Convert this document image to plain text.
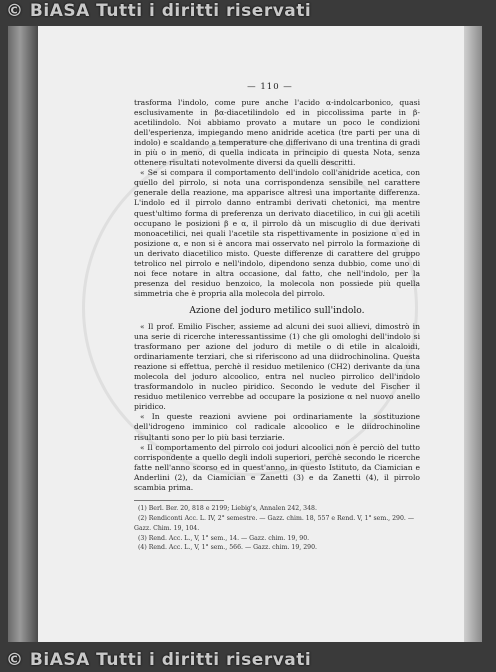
© BiASA Tutti i diritti riservati
© BiASA Tutti i diritti riservati
— 110 —

trasforma l'indolo, come pure anche l'acido α-indolcarbonico, quasi esclusivamente in βα-diacetilindolo ed in piccolissima parte in β-acetilindolo. Noi abbiamo provato a mutare un poco le condizioni dell'esperienza, impiegando meno anidride acetica (tre parti per una di indolo) e scaldando a temperature che differivano di una trentina di gradi in più o in meno, di quella indicata in principio di questa Nota, senza ottenere risultati notevolmente diversi da quelli descritti.

« Se si compara il comportamento dell'indolo coll'anidride acetica, con quello del pirrolo, si nota una corrispondenza sensibile nel carattere generale della reazione, ma apparisce altresì una importante differenza. L'indolo ed il pirrolo danno entrambi derivati chetonici, ma mentre quest'ultimo forma di preferenza un derivato diacetilico, in cui gli acetili occupano le posizioni β e α, il pirrolo dà un miscuglio di due derivati monoacetilici, nei quali l'acetile sta rispettivamente in posizione α ed in posizione α, e non si è ancora mai osservato nel pirrolo la formazione di un derivato diacetilico misto. Queste differenze di carattere del gruppo tetrolico nel pirrolo e nell'indolo, dipendono senza dubbio, come uno di noi fece notare in altra occasione, dal fatto, che nell'indolo, per la presenza del residuo benzoico, la molecola non possiede più quella simmetria che è propria alla molecola del pirrolo.

Azione del joduro metilico sull'indolo.

« Il prof. Emilio Fischer, assieme ad alcuni dei suoi allievi, dimostrò in una serie di ricerche interessantissime (1) che gli omologhi dell'indolo si trasformano per azione del joduro di metile o di etile in alcaloidi, ordinariamente terziari, che si riferiscono ad una diidrochinolina. Questa reazione si effettua, perchè il residuo metilenico (CH2) derivante da una molecola del joduro alcoolico, entra nel nucleo pirrolico dell'indolo trasformandolo in nucleo piridico. Secondo le vedute del Fischer il residuo metilenico verrebbe ad occupare la posizione α nel nuovo anello piridico.

« In queste reazioni avviene poi ordinariamente la sostituzione dell'idrogeno imminico col radicale alcoolico e le diidrochinoline risultanti sono per lo più basi terziarie.

« Il comportamento del pirrolo coi joduri alcoolici non è perciò del tutto corrispondente a quello degli indoli superiori, perchè secondo le ricerche fatte nell'anno scorso ed in quest'anno, in questo Istituto, da Ciamician e Anderlini (2), da Ciamician e Zanetti (3) e da Zanetti (4), il pirrolo scambia prima.

(1) Berl. Ber. 20, 818 e 2199; Liebig's, Annalen 242, 348.
(2) Rendiconti Acc. L. IV, 2° semestre. — Gazz. chim. 18, 557 e Rend. V, 1° sem., 290. — Gazz. Chim. 19, 104.
(3) Rend. Acc. L., V, 1° sem., 14. — Gazz. chim. 19, 90.
(4) Rend. Acc. L., V, 1° sem., 566. — Gazz. chim. 19, 290.
